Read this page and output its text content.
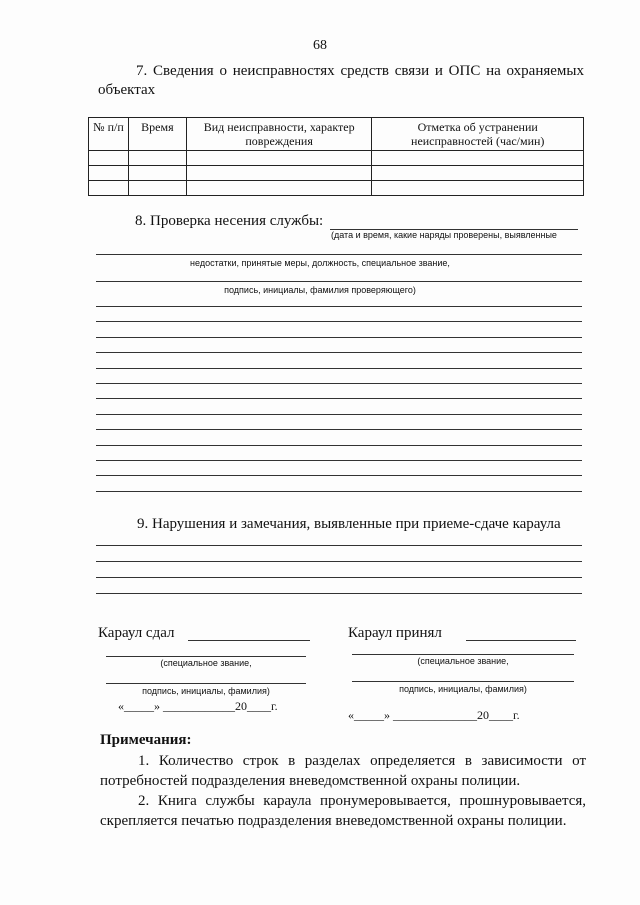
68
7. Сведения о неисправностях средств связи и ОПС на охраняемых объектах
№ п/п	Время	Вид неисправности, характер повреждения	Отметка об устранении неисправностей (час/мин)

8. Проверка несения службы:
(дата и время, какие наряды проверены, выявленные
недостатки, принятые меры, должность, специальное звание,
подпись, инициалы, фамилия проверяющего)
9. Нарушения и замечания, выявленные при приеме-сдаче караула
Караул сдал
(специальное звание,
подпись, инициалы, фамилия)
«_____» ____________20____г.
Караул принял
(специальное звание,
подпись, инициалы, фамилия)
«_____» ______________20____г.
Примечания:
1. Количество строк в разделах определяется в зависимости от потребностей подразделения вневедомственной охраны полиции.
2. Книга службы караула пронумеровывается, прошнуровывается, скрепляется печатью подразделения вневедомственной охраны полиции.
